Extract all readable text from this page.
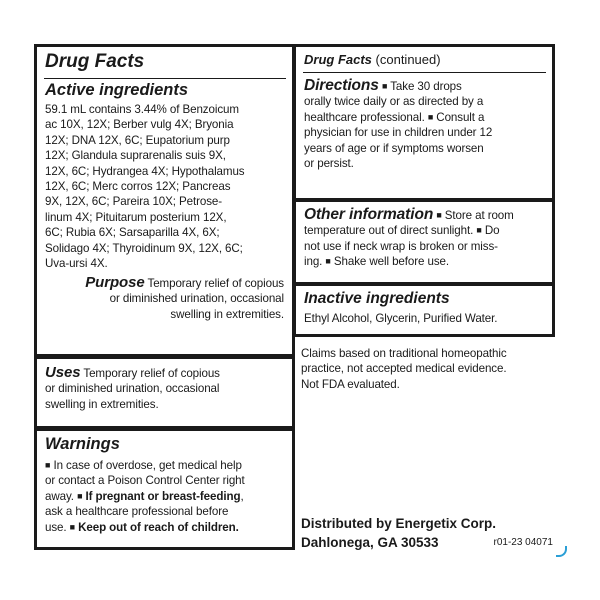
Drug Facts
Active ingredients
59.1 mL contains 3.44% of Benzoicum
ac 10X, 12X; Berber vulg 4X; Bryonia
12X; DNA 12X, 6C; Eupatorium purp
12X; Glandula suprarenalis suis 9X,
12X, 6C; Hydrangea 4X; Hypothalamus
12X, 6C; Merc corros 12X; Pancreas
9X, 12X, 6C; Pareira 10X; Petrose-
linum 4X; Pituitarum posterium 12X,
6C; Rubia 6X; Sarsaparilla 4X, 6X;
Solidago 4X; Thyroidinum 9X, 12X, 6C;
Uva-ursi 4X.
Purpose Temporary relief of copious
or diminished urination, occasional
swelling in extremities.
Uses Temporary relief of copious
or diminished urination, occasional
swelling in extremities.
Warnings
■ In case of overdose, get medical help
or contact a Poison Control Center right
away. ■ If pregnant or breast-feeding,
ask a healthcare professional before
use. ■ Keep out of reach of children.
Drug Facts (continued)
Directions ■ Take 30 drops
orally twice daily or as directed by a
healthcare professional. ■ Consult a
physician for use in children under 12
years of age or if symptoms worsen
or persist.
Other information ■ Store at room
temperature out of direct sunlight. ■ Do
not use if neck wrap is broken or miss-
ing. ■ Shake well before use.
Inactive ingredients
Ethyl Alcohol, Glycerin, Purified Water.
Claims based on traditional homeopathic
practice, not accepted medical evidence.
Not FDA evaluated.
Distributed by Energetix Corp.
Dahlonega, GA 30533	r01-23 04071
